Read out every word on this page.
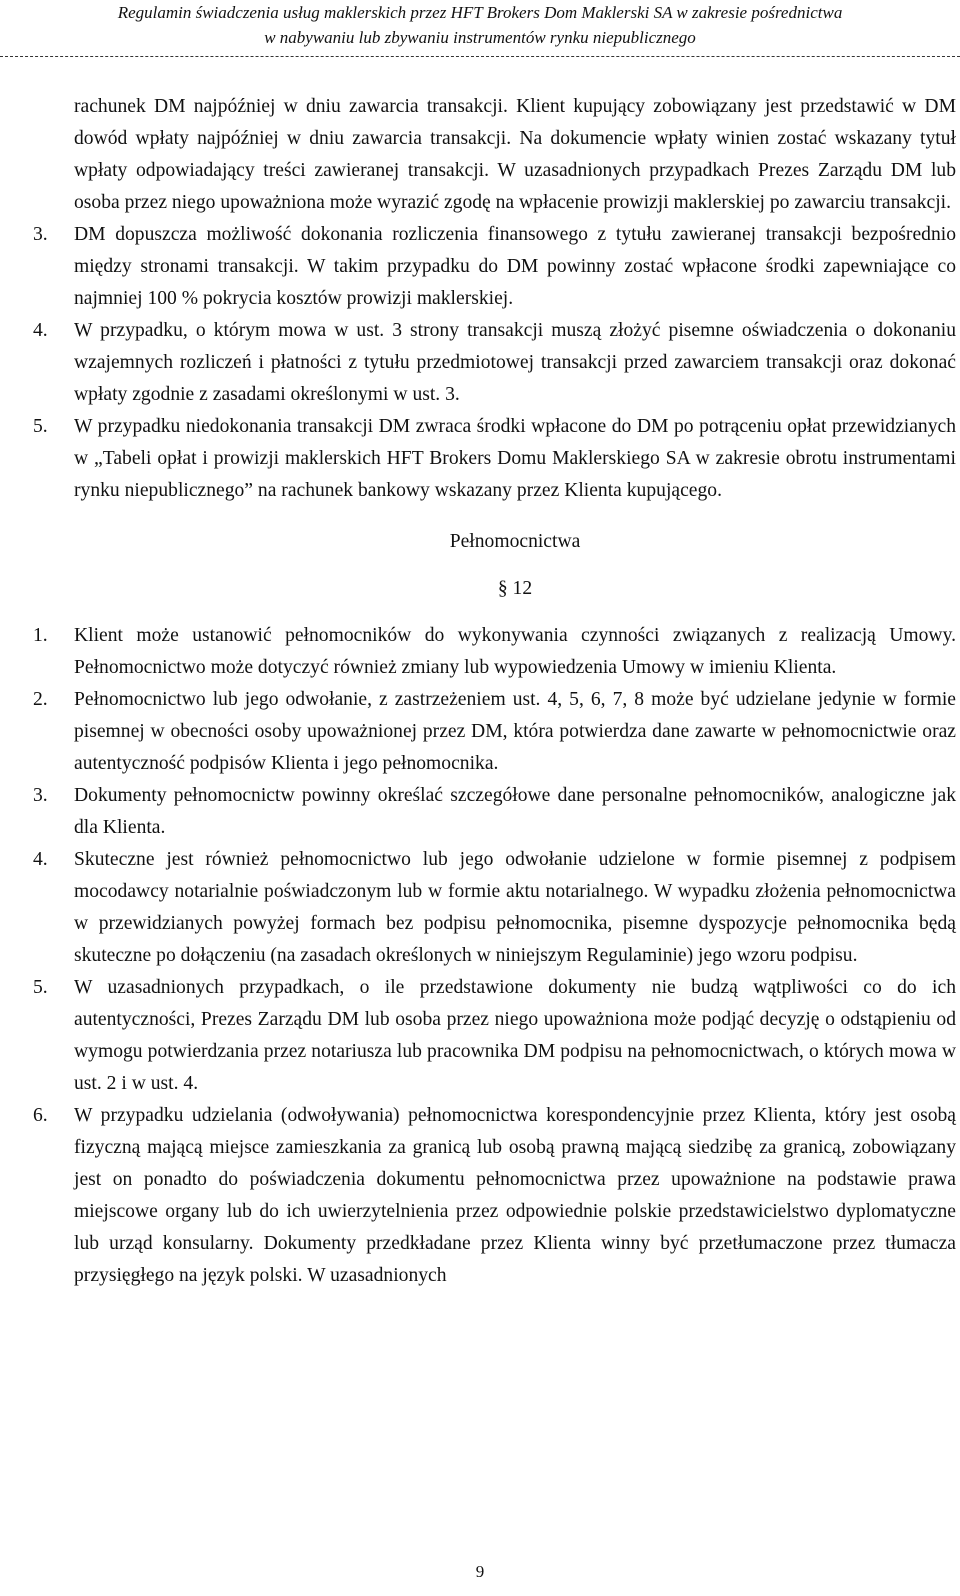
Regulamin świadczenia usług maklerskich przez HFT Brokers Dom Maklerski SA w zakresie pośrednictwa
w nabywaniu lub zbywaniu instrumentów rynku niepublicznego
rachunek DM najpóźniej w dniu zawarcia transakcji. Klient kupujący zobowiązany jest przedstawić w DM dowód wpłaty najpóźniej w dniu zawarcia transakcji. Na dokumencie wpłaty winien zostać wskazany tytuł wpłaty odpowiadający treści zawieranej transakcji. W uzasadnionych przypadkach Prezes Zarządu DM lub osoba przez niego upoważniona może wyrazić zgodę na wpłacenie prowizji maklerskiej po zawarciu transakcji.
3.	DM dopuszcza możliwość dokonania rozliczenia finansowego z tytułu zawieranej transakcji bezpośrednio między stronami transakcji. W takim przypadku do DM powinny zostać wpłacone środki zapewniające co najmniej 100 % pokrycia kosztów prowizji maklerskiej.
4.	W przypadku, o którym mowa w ust. 3 strony transakcji muszą złożyć pisemne oświadczenia o dokonaniu wzajemnych rozliczeń i płatności z tytułu przedmiotowej transakcji przed zawarciem transakcji oraz dokonać wpłaty zgodnie z zasadami określonymi w ust. 3.
5.	W przypadku niedokonania transakcji DM zwraca środki wpłacone do DM po potrąceniu opłat przewidzianych w „Tabeli opłat i prowizji maklerskich HFT Brokers Domu Maklerskiego SA w zakresie obrotu instrumentami rynku niepublicznego” na rachunek bankowy wskazany przez Klienta kupującego.
Pełnomocnictwa
§ 12
1.	Klient może ustanowić pełnomocników do wykonywania czynności związanych z realizacją Umowy. Pełnomocnictwo może dotyczyć również zmiany lub wypowiedzenia Umowy w imieniu Klienta.
2.	Pełnomocnictwo lub jego odwołanie, z zastrzeżeniem ust. 4, 5, 6, 7, 8 może być udzielane jedynie w formie pisemnej w obecności osoby upoważnionej przez DM, która potwierdza dane zawarte w pełnomocnictwie oraz autentyczność podpisów Klienta i jego pełnomocnika.
3.	Dokumenty pełnomocnictw powinny określać szczegółowe dane personalne pełnomocników, analogiczne jak dla Klienta.
4.	Skuteczne jest również pełnomocnictwo lub jego odwołanie udzielone w formie pisemnej z podpisem mocodawcy notarialnie poświadczonym lub w formie aktu notarialnego. W wypadku złożenia pełnomocnictwa w przewidzianych powyżej formach bez podpisu pełnomocnika, pisemne dyspozycje pełnomocnika będą skuteczne po dołączeniu (na zasadach określonych w niniejszym Regulaminie) jego wzoru podpisu.
5.	W uzasadnionych przypadkach, o ile przedstawione dokumenty nie budzą wątpliwości co do ich autentyczności, Prezes Zarządu DM lub osoba przez niego upoważniona może podjąć decyzję o odstąpieniu od wymogu potwierdzania przez notariusza lub pracownika DM podpisu na pełnomocnictwach, o których mowa w ust. 2 i w ust. 4.
6.	W przypadku udzielania (odwoływania) pełnomocnictwa korespondencyjnie przez Klienta, który jest osobą fizyczną mającą miejsce zamieszkania za granicą lub osobą prawną mającą siedzibę za granicą, zobowiązany jest on ponadto do poświadczenia dokumentu pełnomocnictwa przez upoważnione na podstawie prawa miejscowe organy lub do ich uwierzytelnienia przez odpowiednie polskie przedstawicielstwo dyplomatyczne lub urząd konsularny. Dokumenty przedkładane przez Klienta winny być przetłumaczone przez tłumacza przysięgłego na język polski. W uzasadnionych
9
